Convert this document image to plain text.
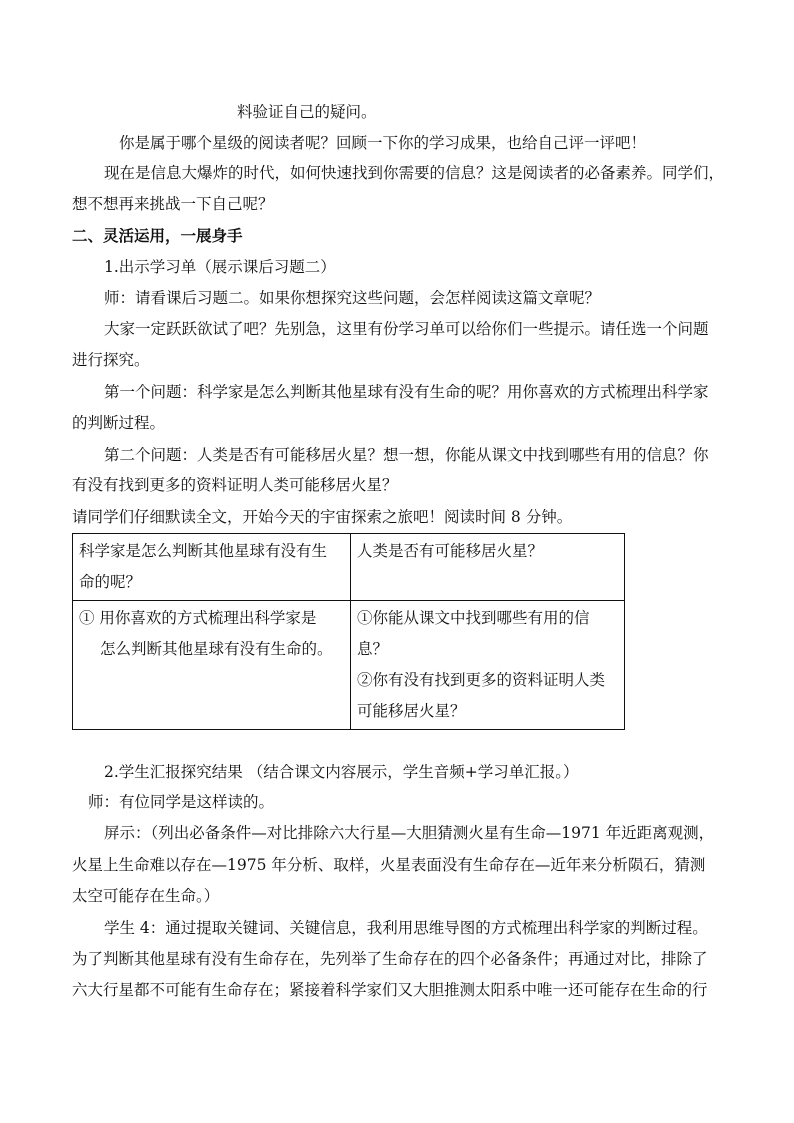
料验证自己的疑问。
你是属于哪个星级的阅读者呢？回顾一下你的学习成果，也给自己评一评吧！
现在是信息大爆炸的时代，如何快速找到你需要的信息？这是阅读者的必备素养。同学们，
想不想再来挑战一下自己呢？
二、灵活运用，一展身手
1.出示学习单（展示课后习题二）
师：请看课后习题二。如果你想探究这些问题，会怎样阅读这篇文章呢？
大家一定跃跃欲试了吧？先别急，这里有份学习单可以给你们一些提示。请任选一个问题
进行探究。
第一个问题：科学家是怎么判断其他星球有没有生命的呢？用你喜欢的方式梳理出科学家
的判断过程。
第二个问题：人类是否有可能移居火星？想一想，你能从课文中找到哪些有用的信息？你
有没有找到更多的资料证明人类可能移居火星？
请同学们仔细默读全文，开始今天的宇宙探索之旅吧！阅读时间 8 分钟。
科学家是怎么判断其他星球有没有生
命的呢？	人类是否有可能移居火星？

① 用你喜欢的方式梳理出科学家是
怎么判断其他星球有没有生命的。	①你能从课文中找到哪些有用的信
息？
②你有没有找到更多的资料证明人类
可能移居火星？
2.学生汇报探究结果 （结合课文内容展示，学生音频+学习单汇报。）
师：有位同学是这样读的。
屏示：（列出必备条件—对比排除六大行星—大胆猜测火星有生命—1971 年近距离观测，
火星上生命难以存在—1975 年分析、取样，火星表面没有生命存在—近年来分析陨石，猜测
太空可能存在生命。）
学生 4：通过提取关键词、关键信息，我利用思维导图的方式梳理出科学家的判断过程。
为了判断其他星球有没有生命存在，先列举了生命存在的四个必备条件；再通过对比，排除了
六大行星都不可能有生命存在；紧接着科学家们又大胆推测太阳系中唯一还可能存在生命的行
